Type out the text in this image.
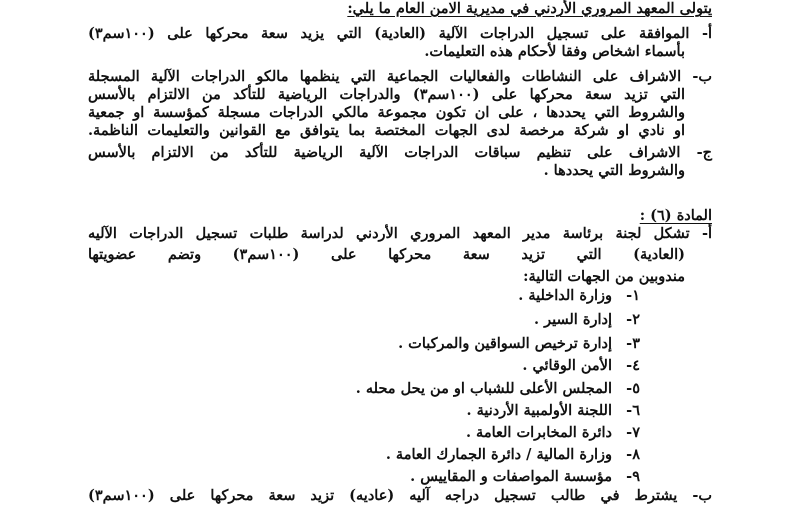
يتولى المعهد المروري الأردني في مديرية الامن العام ما يلي:
أ- الموافقة على تسجيل الدراجات الآلية (العادية) التي يزيد سعة محركها على (١٠٠سم٣)
بأسماء اشخاص وفقا لأحكام هذه التعليمات.
ب- الاشراف على النشاطات والفعاليات الجماعية التي ينظمها مالكو الدراجات الآلية المسجلة
التي تزيد سعة محركها على (١٠٠سم٣) والدراجات الرياضية للتأكد من الالتزام بالأسس
والشروط التي يحددها ، على ان تكون مجموعة مالكي الدراجات مسجلة كمؤسسة او جمعية
او نادي او شركة مرخصة لدى الجهات المختصة بما يتوافق مع القوانين والتعليمات الناظمة.
ج- الاشراف على تنظيم سباقات الدراجات الآلية الرياضية للتأكد من الالتزام بالأسس
والشروط التي يحددها .
المادة (٦) :
أ- تشكل لجنة برئاسة مدير المعهد المروري الأردني لدراسة طلبات تسجيل الدراجات الآليه
(العادية) التي تزيد سعة محركها على (١٠٠سم٣) وتضم عضويتها
مندوبين من الجهات التالية:
١-وزارة الداخلية .
٢-إدارة السير .
٣-إدارة ترخيص السواقين والمركبات .
٤-الأمن الوقائي .
٥-المجلس الأعلى للشباب او من يحل محله .
٦-اللجنة الأولمبية الأردنية .
٧-دائرة المخابرات العامة .
٨-وزارة المالية / دائرة الجمارك العامة .
٩-مؤسسة المواصفات و المقاييس .
ب- يشترط في طالب تسجيل دراجه آليه (عاديه) تزيد سعة محركها على (١٠٠سم٣)
